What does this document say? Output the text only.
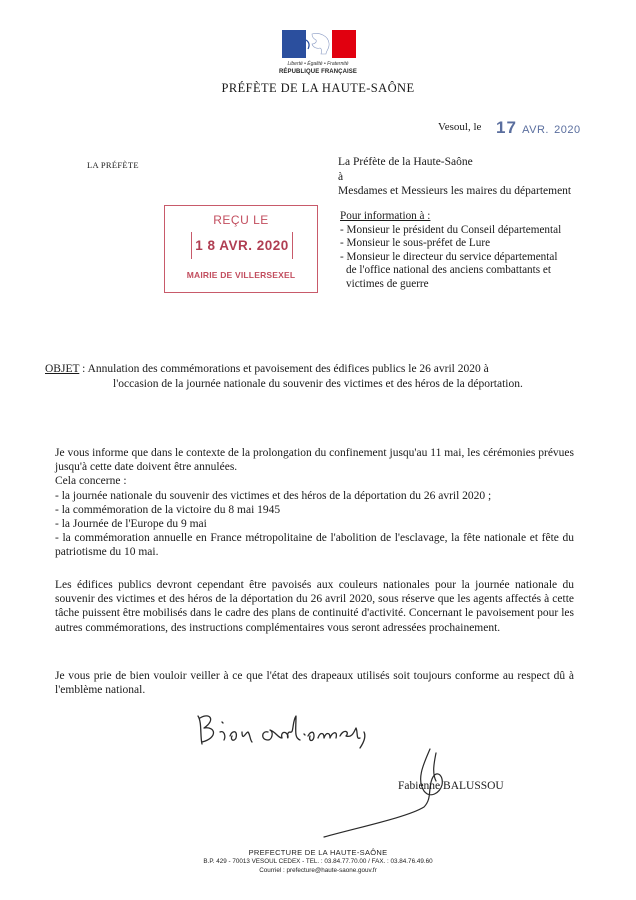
Liberté • Égalité • Fraternité
RÉPUBLIQUE FRANÇAISE
PRÉFÈTE DE LA HAUTE-SAÔNE
Vesoul, le 17 AVR. 2020
LA PRÉFÈTE	La Préfète de la Haute-Saône
à
Mesdames et Messieurs les maires du département
Pour information à :
- Monsieur le président du Conseil départemental
- Monsieur le sous-préfet de Lure
- Monsieur le directeur du service départemental
de l'office national des anciens combattants et
victimes de guerre
REÇU LE
1 8 AVR. 2020
MAIRIE DE VILLERSEXEL
OBJET : Annulation des commémorations et pavoisement des édifices publics le 26 avril 2020 à
l'occasion de la journée nationale du souvenir des victimes et des héros de la déportation.
Je vous informe que dans le contexte de la prolongation du confinement jusqu'au 11 mai, les cérémonies prévues jusqu'à cette date doivent être annulées.
Cela concerne :
- la journée nationale du souvenir des victimes et des héros de la déportation du 26 avril 2020 ;
- la commémoration de la victoire du 8 mai 1945
- la Journée de l'Europe du 9 mai
- la commémoration annuelle en France métropolitaine de l'abolition de l'esclavage, la fête nationale et fête du patriotisme du 10 mai.
Les édifices publics devront cependant être pavoisés aux couleurs nationales pour la journée nationale du souvenir des victimes et des héros de la déportation du 26 avril 2020, sous réserve que les agents affectés à cette tâche puissent être mobilisés dans le cadre des plans de continuité d'activité. Concernant le pavoisement pour les autres commémorations, des instructions complémentaires vous seront adressées prochainement.
Je vous prie de bien vouloir veiller à ce que l'état des drapeaux utilisés soit toujours conforme au respect dû à l'emblème national.
Fabienne BALUSSOU
PREFECTURE DE LA HAUTE-SAÔNE
B.P. 429 - 70013 VESOUL CEDEX - TEL. : 03.84.77.70.00 / FAX. : 03.84.76.49.60
Courriel : prefecture@haute-saone.gouv.fr
